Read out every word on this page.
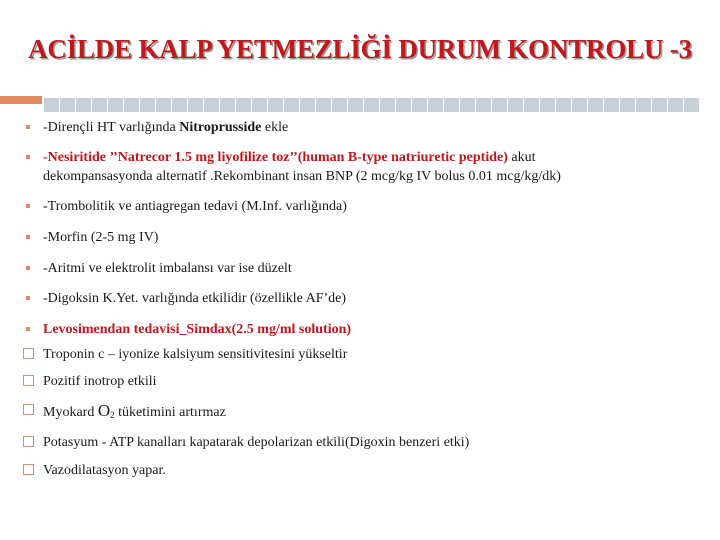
ACİLDE KALP YETMEZLİĞİ DURUM KONTROLU -3
-Dirençli HT varlığında Nitroprusside ekle
-Nesiritide ’’Natrecor 1.5 mg liyofilize toz’’(human B-type natriuretic peptide) akut
dekompansasyonda alternatif .Rekombinant insan BNP (2 mcg/kg IV bolus 0.01 mcg/kg/dk)
-Trombolitik ve antiagregan tedavi (M.Inf. varlığında)
-Morfin (2-5 mg IV)
-Aritmi ve elektrolit imbalansı var ise düzelt
-Digoksin K.Yet. varlığında etkilidir (özellikle AF’de)
Levosimendan tedavisi_Simdax(2.5 mg/ml solution)
Troponin c – iyonize kalsiyum sensitivitesini yükseltir
Pozitif inotrop etkili
Myokard $O_2$ tüketimini artırmaz
Potasyum - ATP kanalları kapatarak depolarizan etkili(Digoxin benzeri etki)
Vazodilatasyon yapar.
